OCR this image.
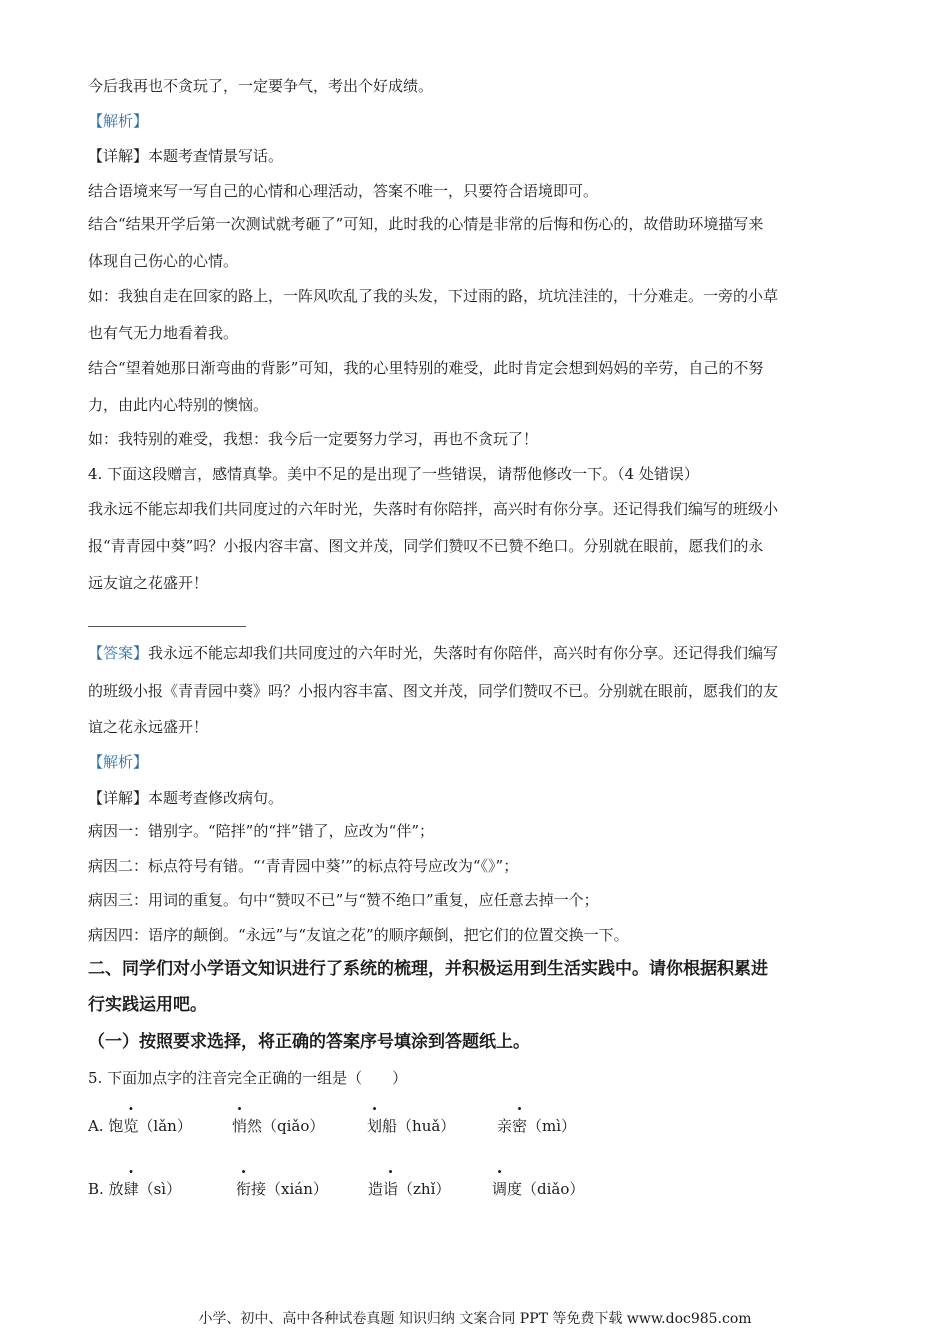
今后我再也不贪玩了，一定要争气，考出个好成绩。
【解析】
【详解】本题考查情景写话。
结合语境来写一写自己的心情和心理活动，答案不唯一，只要符合语境即可。
结合“结果开学后第一次测试就考砸了”可知，此时我的心情是非常的后悔和伤心的，故借助环境描写来
体现自己伤心的心情。
如：我独自走在回家的路上，一阵风吹乱了我的头发，下过雨的路，坑坑洼洼的，十分难走。一旁的小草
也有气无力地看着我。
结合“望着她那日渐弯曲的背影”可知，我的心里特别的难受，此时肯定会想到妈妈的辛劳，自己的不努
力，由此内心特别的懊恼。
如：我特别的难受，我想：我今后一定要努力学习，再也不贪玩了！
4. 下面这段赠言，感情真挚。美中不足的是出现了一些错误，请帮他修改一下。（4 处错误）
我永远不能忘却我们共同度过的六年时光，失落时有你陪拌，高兴时有你分享。还记得我们编写的班级小
报“青青园中葵”吗？小报内容丰富、图文并茂，同学们赞叹不已赞不绝口。分别就在眼前，愿我们的永
远友谊之花盛开！
【答案】我永远不能忘却我们共同度过的六年时光，失落时有你陪伴，高兴时有你分享。还记得我们编写
的班级小报《青青园中葵》吗？小报内容丰富、图文并茂，同学们赞叹不已。分别就在眼前，愿我们的友
谊之花永远盛开！
【解析】
【详解】本题考查修改病句。
病因一：错别字。“陪拌”的“拌”错了，应改为“伴”；
病因二：标点符号有错。“‘青青园中葵’”的标点符号应改为“《》”；
病因三：用词的重复。句中“赞叹不已”与“赞不绝口”重复，应任意去掉一个；
病因四：语序的颠倒。“永远”与“友谊之花”的顺序颠倒，把它们的位置交换一下。
二、同学们对小学语文知识进行了系统的梳理，并积极运用到生活实践中。请你根据积累进
行实践运用吧。
（一）按照要求选择，将正确的答案序号填涂到答题纸上。
5. 下面加点字的注音完全正确的一组是（　　）
A. 饱览（lǎn）	悄然（qiǎo）	划船（huǎ）	亲密（mì）
B. 放肆（sì）	衔接（xián）	造诣（zhǐ）	调度（diǎo）
小学、初中、高中各种试卷真题 知识归纳 文案合同 PPT 等免费下载 www.doc985.com
